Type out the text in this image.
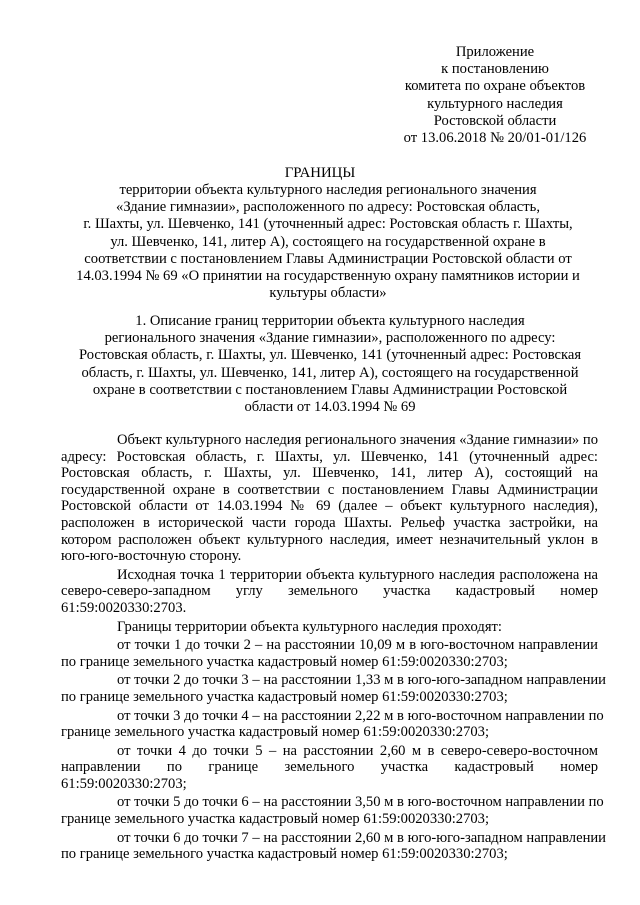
Приложение
к постановлению
комитета по охране объектов
культурного наследия
Ростовской области
от 13.06.2018 № 20/01-01/126
ГРАНИЦЫ
территории объекта культурного наследия регионального значения
«Здание гимназии», расположенного по адресу: Ростовская область,
г. Шахты, ул. Шевченко, 141 (уточненный адрес: Ростовская область г. Шахты,
ул. Шевченко, 141, литер А), состоящего на государственной охране в
соответствии с постановлением Главы Администрации Ростовской области от
14.03.1994 № 69 «О принятии на государственную охрану памятников истории и
культуры области»
1. Описание границ территории объекта культурного наследия
регионального значения «Здание гимназии», расположенного по адресу:
Ростовская область, г. Шахты, ул. Шевченко, 141 (уточненный адрес: Ростовская
область, г. Шахты, ул. Шевченко, 141, литер А), состоящего на государственной
охране в соответствии с постановлением Главы Администрации Ростовской
области от 14.03.1994 № 69
Объект культурного наследия регионального значения «Здание гимназии» по
адресу: Ростовская область, г. Шахты, ул. Шевченко, 141 (уточненный адрес:
Ростовская область, г. Шахты, ул. Шевченко, 141, литер А), состоящий на
государственной охране в соответствии с постановлением Главы Администрации
Ростовской области от 14.03.1994 № 69 (далее – объект культурного наследия),
расположен в исторической части города Шахты. Рельеф участка застройки, на
котором расположен объект культурного наследия, имеет незначительный уклон в
юго-юго-восточную сторону.
Исходная точка 1 территории объекта культурного наследия расположена на
северо-северо-западном углу земельного участка кадастровый номер
61:59:0020330:2703.
Границы территории объекта культурного наследия проходят:
от точки 1 до точки 2 – на расстоянии 10,09 м в юго-восточном направлении
по границе земельного участка кадастровый номер 61:59:0020330:2703;
от точки 2 до точки 3 – на расстоянии 1,33 м в юго-юго-западном направлении
по границе земельного участка кадастровый номер 61:59:0020330:2703;
от точки 3 до точки 4 – на расстоянии 2,22 м в юго-восточном направлении по
границе земельного участка кадастровый номер 61:59:0020330:2703;
от точки 4 до точки 5 – на расстоянии 2,60 м в северо-северо-восточном
направлении по границе земельного участка кадастровый номер
61:59:0020330:2703;
от точки 5 до точки 6 – на расстоянии 3,50 м в юго-восточном направлении по
границе земельного участка кадастровый номер 61:59:0020330:2703;
от точки 6 до точки 7 – на расстоянии 2,60 м в юго-юго-западном направлении
по границе земельного участка кадастровый номер 61:59:0020330:2703;
